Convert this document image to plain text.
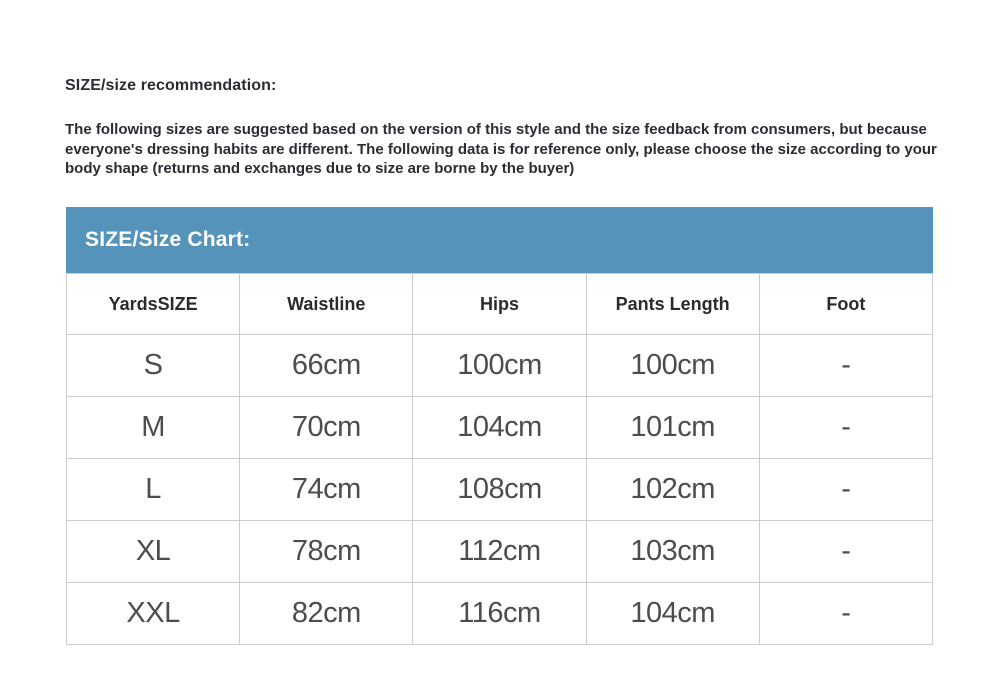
SIZE/size recommendation:
The following sizes are suggested based on the version of this style and the size feedback from consumers, but because everyone's dressing habits are different. The following data is for reference only, please choose the size according to your body shape (returns and exchanges due to size are borne by the buyer)
SIZE/Size Chart:
YardsSIZE	Waistline	Hips	Pants Length	Foot
S	66cm	100cm	100cm	-
M	70cm	104cm	101cm	-
L	74cm	108cm	102cm	-
XL	78cm	112cm	103cm	-
XXL	82cm	116cm	104cm	-
